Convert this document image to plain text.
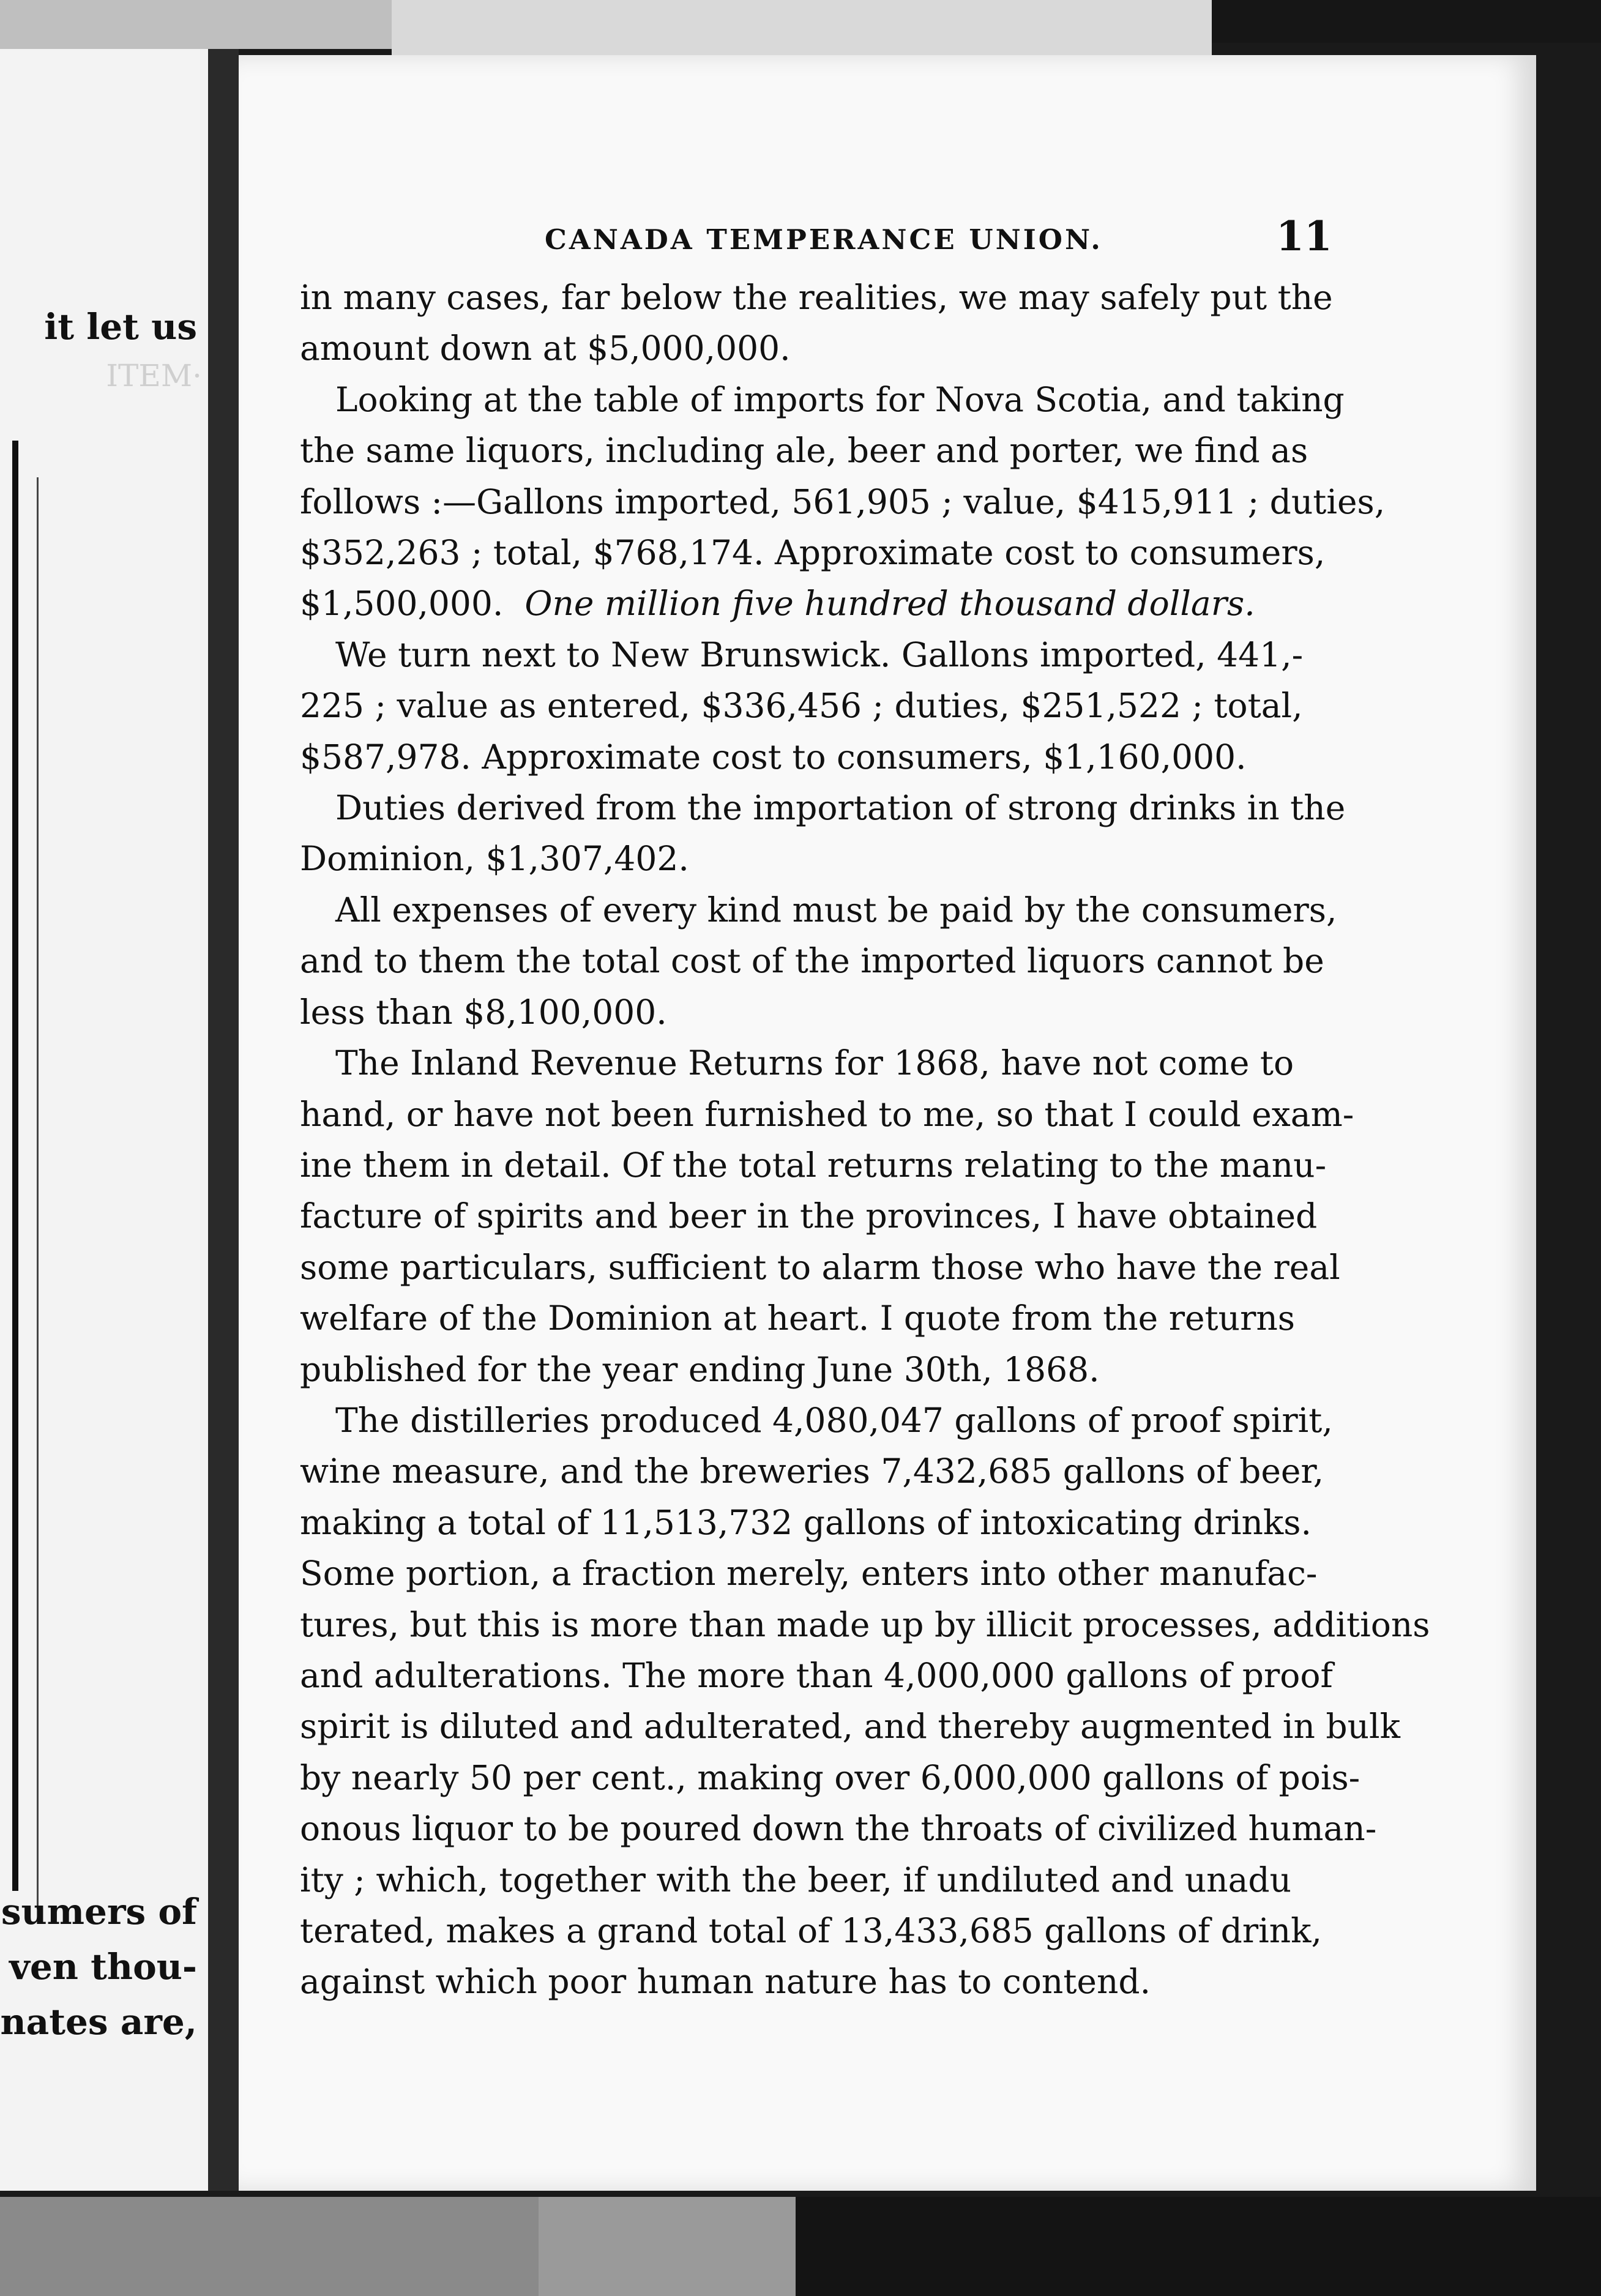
ITEM·
it let us
sumers of
ven thou-
nates are,
CANADA TEMPERANCE UNION.	11
in many cases, far below the realities, we may safely put the
amount down at $5,000,000.
Looking at the table of imports for Nova Scotia, and taking
the same liquors, including ale, beer and porter, we find as
follows :—Gallons imported, 561,905 ; value, $415,911 ; duties,
$352,263 ; total, $768,174. Approximate cost to consumers,
$1,500,000. One million five hundred thousand dollars.
We turn next to New Brunswick. Gallons imported, 441,-
225 ; value as entered, $336,456 ; duties, $251,522 ; total,
$587,978. Approximate cost to consumers, $1,160,000.
Duties derived from the importation of strong drinks in the
Dominion, $1,307,402.
All expenses of every kind must be paid by the consumers,
and to them the total cost of the imported liquors cannot be
less than $8,100,000.
The Inland Revenue Returns for 1868, have not come to
hand, or have not been furnished to me, so that I could exam-
ine them in detail. Of the total returns relating to the manu-
facture of spirits and beer in the provinces, I have obtained
some particulars, sufficient to alarm those who have the real
welfare of the Dominion at heart. I quote from the returns
published for the year ending June 30th, 1868.
The distilleries produced 4,080,047 gallons of proof spirit,
wine measure, and the breweries 7,432,685 gallons of beer,
making a total of 11,513,732 gallons of intoxicating drinks.
Some portion, a fraction merely, enters into other manufac-
tures, but this is more than made up by illicit processes, additions
and adulterations. The more than 4,000,000 gallons of proof
spirit is diluted and adulterated, and thereby augmented in bulk
by nearly 50 per cent., making over 6,000,000 gallons of pois-
onous liquor to be poured down the throats of civilized human-
ity ; which, together with the beer, if undiluted and unadu
terated, makes a grand total of 13,433,685 gallons of drink,
against which poor human nature has to contend.
